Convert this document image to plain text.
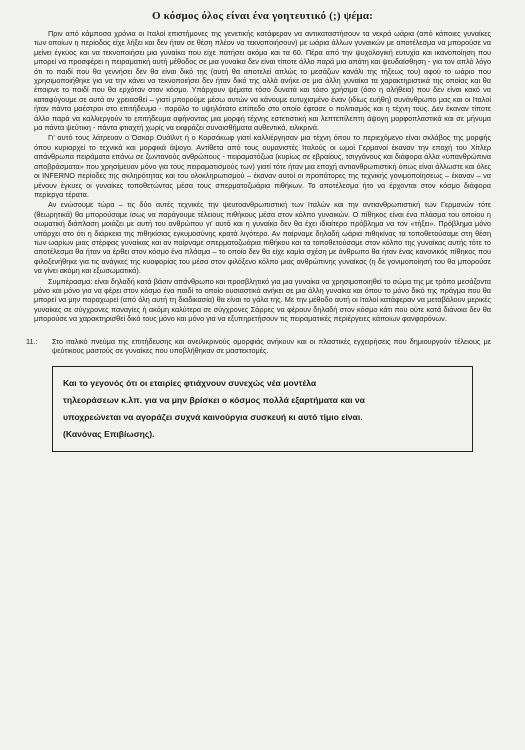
Ο κόσμος όλος είναι ένα γοητευτικό (;) ψέμα:

Πριν από κάμποσα χρόνια οι Ιταλοί επιστήμονες της γενετικής κατάφεραν να αντικαταστήσουν τα νεκρά ωάρια (από κάποιες γυναίκες των οποίων η περίοδος είχε λήξει και δεν ήταν σε θέση πλέον να τεκνοποιήσουν) με ωάρια άλλων γυναικών με αποτέλεσμα να μπορούσε να μείνει έγκυος και να τεκνοποιήσει μια γυναίκα που είχε πατήσει ακόμα και τα 60. Πέρα από την ψυχολογική ευτυχία και ικανοποίηση που μπορεί να προσφέρει η πειραματική αυτή μέθοδος σε μια γυναίκα δεν είναι τίποτε άλλο παρά μια απάτη και ψευδαίσθηση - για τον απλό λόγο ότι το παιδί που θα γεννήσει δεν θα είναι δικό της (αυτή θα αποτελεί απλώς το μεσάζων κανάλι της τήξεως του) αφού το ωάριο που χρησιμοποιήθηκε για να την κάνει να τεκνοποιήσει δεν ήταν δικό της αλλά ανήκε σε μια άλλη γυναίκα τα χαρακτηριστικά της οποίας και θα έπαιρνε το παιδί που θα ερχόταν στον κόσμο. Υπάρχουν ψέματα τόσο δυνατά και τόσο χρήσιμα (όσο η αλήθεια) που δεν είναι κακό να καταφύγουμε σε αυτά αν χρειασθεί – γιατί μπορούμε μέσω αυτών να κάνουμε ευτυχισμένο έναν (ιδίως ευήθη) συνάνθρωπο μας και οι Ιταλοί ήταν πάντα μαέστροι στο επιτήδευμα - παρόλο το υψηλότατο επίπεδο στο οποίο έφτασε ο πολιτισμός και η τέχνη τους. Δεν έκαναν τίποτε άλλο παρά να καλλιεργούν το επιτήδευμα αφήνοντας μια μορφή τέχνης εστετιστική και λεπτεπίλεπτη άψογη μορφοπλαστικά και σε μήνυμα μα πάντα ψεύτικη - πάντα φτιαχτή χωρίς να εκφράζει συναισθήματα αυθεντικά, ειλικρινά.

Γι' αυτό τους λάτρευαν ο Όσκαρ Ουάϊλντ ή ο Κορσάκωφ γιατί καλλιέργησαν μια τέχνη όπου το περιεχόμενο είναι σκλάβος της μορφής όπου κυριαρχεί το τεχνικά και μορφικά άψογο. Αντίθετα από τους ουμανιστές Ιταλούς οι ωμοί Γερμανοί έκαναν την εποχή του Χίτλερ απάνθρωπα πειράματα επάνω σε ζωντανούς ανθρώπους - πειραματόζωα (κυρίως σε εβραίους, τσιγγάνους και διάφορα άλλα «υπανθρώπινα αποβράσματα» που χρησίμευαν μόνο για τους πειραματισμούς των) γιατί τότε ήταν μια εποχή αντιανθρωπιστική όπως είναι άλλωστε και όλες οι INFERNO περίοδες της σκληρότητας και του ολοκληρωτισμού – έκαναν αυτοί οι προπάτορες της τεχνικής γονιμοποίησεως – έκαναν – να μένουν έγκυες οι γυναίκες τοποθετώντας μέσα τους σπερματοζωάρια πιθήκων. Το αποτέλεσμα ήτο να έρχονται στον κόσμο διάφορα περίεργα τέρατα.

Αν ενώσουμε τώρα – τις δύο αυτές τεχνικές την ψευτοανθρωπιστική των Ιταλών και την αντιανθρωπιστική των Γερμανών τότε (θεωρητικά) θα μπορούσαμε ίσως να παράγουμε τέλειους πιθήκους μέσα στον κόλπο γυναικών. Ο πίθηκος είναι ένα πλάσμα του οποίου η σωματική διάπλαση μοιάζει με αυτή του ανθρώπου γι' αυτό και η γυναίκα δεν θα έχει ιδιαίτερο πρόβλημα να τον «τήξει». Πρόβλημα μόνο υπάρχει στο ότι η διάρκεια της πιθηκίσιας εγκυμοσύνης κρατά λιγότερο. Αν παίρναμε δηλαδή ωάρια πιθηκίνας τα τοποθετούσαμε στη θέση των ωαρίων μιας στέρφας γυναίκας και αν παίρναμε σπερματοζωάρια πιθήκου και τα τοποθετούσαμε στον κόλπο της γυναίκας αυτής τότε το αποτέλεσμα θα ήταν να έρθει στον κόσμο ένα πλάσμα – το οποίο δεν θα είχε καμία σχέση με άνθρωπο θα ήταν ένας κανονικός πίθηκος που φιλοξενήθηκε για τις ανάγκες της κυοφορίας του μέσα στον φιλόξενο κόλπο μιας ανθρώπινης γυναίκας (η δε γονιμοποίησή του θα μπορούσε να γίνει ακόμη και εξωσωματικά).

Συμπέρασμα: είναι δηλαδή κατά βάσιν απάνθρωπο και προσβλητικό για μια γυναίκα να χρησιμοποιηθεί το σώμα της με τρόπο μεσάζοντα μόνο και μόνο για να φέρει στον κόσμο ένα παιδί το οποίο ουσιαστικά ανήκει σε μια άλλη γυναίκα και όπου το μόνο δικό της πράγμα που θα μπορεί να μην παραχωρεί (από όλη αυτή τη διαδικασία) θα είναι το γάλα της. Με την μέθοδο αυτή οι Ιταλοί κατάφεραν να μεταβάλουν μερικές γυναίκες σε σύγχρονες παναγίες ή ακόμη καλύτερα σε σύγχρονες Σάρρες να φέρουν δηλαδή στον κόσμο κάτι που ούτε κατά διάνοια δεν θα μπορούσε να χαρακτηρισθεί δικό τους μόνο και μόνο για να εξυπηρετήσουν τις πειραματικές περιέργειες κάποιων φανφαρόνων.

11.:	Στο ιταλικό πνεύμα της επιτήδευσης και ανειλικρινούς ομορφιάς ανήκουν και οι πλαστικές εγχειρήσεις που δημιουργούν τέλειους με ψεύτικους μαστούς σε γυναίκες που υποβλήθηκαν σε μαστεκτομές.
Και το γεγονός ότι οι εταιρίες φτιάχνουν συνεχώς νέα μοντέλα
τηλεοράσεων κ.λπ. για να μην βρίσκει ο κόσμος πολλά εξαρτήματα και να
υποχρεώνεται να αγοράζει συχνά καινούργια συσκευή κι αυτό τίμιο είναι.
(Κανόνας Επιβίωσης).
